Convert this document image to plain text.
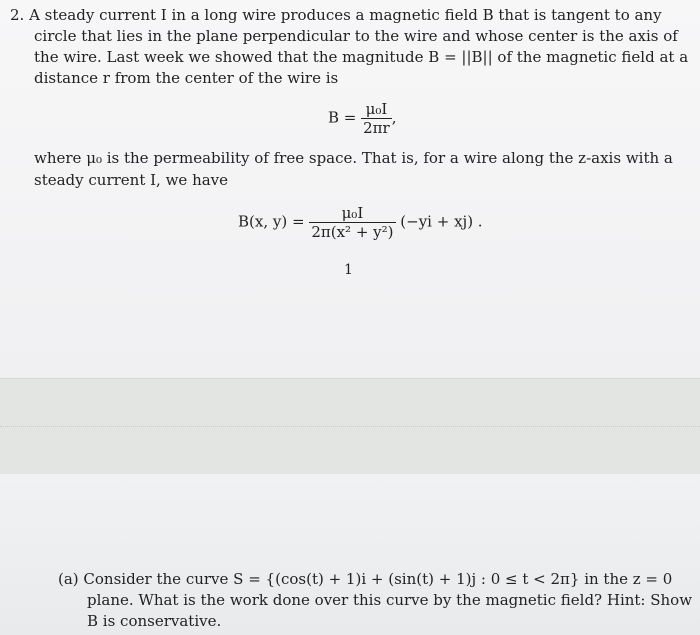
2. A steady current I in a long wire produces a magnetic field B that is tangent to any
circle that lies in the plane perpendicular to the wire and whose center is the axis of
the wire. Last week we showed that the magnitude B = ||B|| of the magnetic field at a
distance r from the center of the wire is
$B = \frac{\text{μ₀I}}{2\pi r}$ ,
where μ₀ is the permeability of free space. That is, for a wire along the z-axis with a
steady current I, we have
B(x, $y) = \frac{\text{μ₀I}}{\text{2π(x² + y²)}} (-yi + xj)$ .
1
(a) Consider the curve S = {(cos(t) + 1)i + (sin(t) + 1)j : 0 ≤ t < 2π} in the z = 0
plane. What is the work done over this curve by the magnetic field? Hint: Show
B is conservative.
